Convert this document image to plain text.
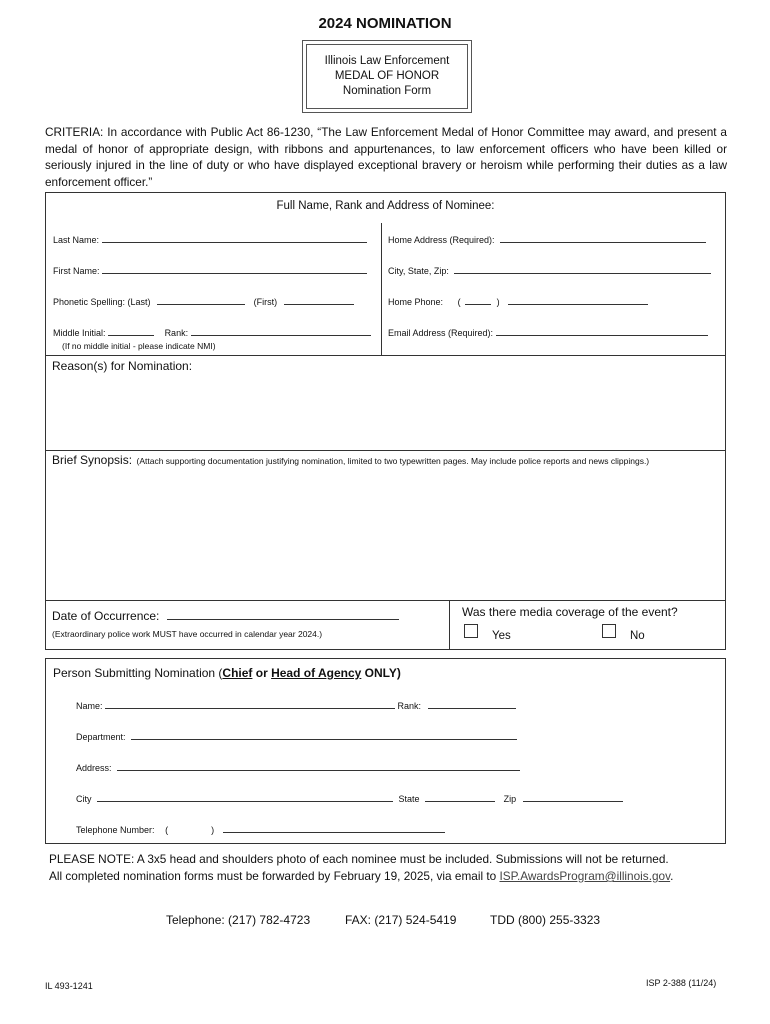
2024 NOMINATION
Illinois Law Enforcement
MEDAL OF HONOR
Nomination Form
CRITERIA: In accordance with Public Act 86-1230, “The Law Enforcement Medal of Honor Committee may award, and present a medal of honor of appropriate design, with ribbons and appurtenances, to law enforcement officers who have been killed or seriously injured in the line of duty or who have displayed exceptional bravery or heroism while performing their duties as a law enforcement officer.”
Full Name, Rank and Address of Nominee:
Last Name:
First Name:
Phonetic Spelling: (Last)	(First)
Middle Initial:	Rank:
(If no middle initial - please indicate NMI)
Home Address (Required):
City, State, Zip:
Home Phone: (	)
Email Address (Required):
Reason(s) for Nomination:
Brief Synopsis: (Attach supporting documentation justifying nomination, limited to two typewritten pages. May include police reports and news clippings.)
Date of Occurrence:
(Extraordinary police work MUST have occurred in calendar year 2024.)
Was there media coverage of the event?
Yes	No
Person Submitting Nomination (Chief or Head of Agency ONLY)
Name:	Rank:
Department:
Address:
City	State	Zip
Telephone Number: (	)
PLEASE NOTE: A 3x5 head and shoulders photo of each nominee must be included. Submissions will not be returned.
All completed nomination forms must be forwarded by February 19, 2025, via email to ISP.AwardsProgram@illinois.gov.
Telephone: (217) 782-4723	FAX: (217) 524-5419	TDD (800) 255-3323
IL 493-1241	ISP 2-388 (11/24)
